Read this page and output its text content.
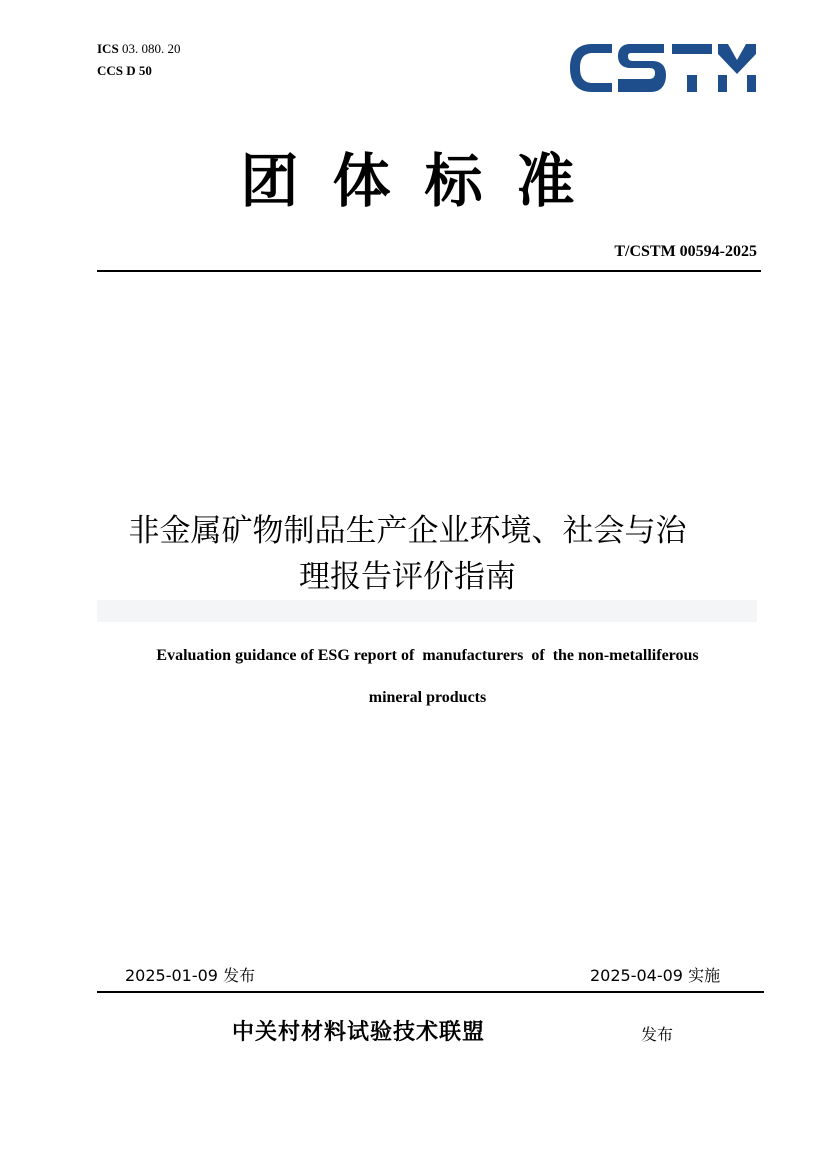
ICS 03. 080. 20
CCS D 50
团体标准
T/CSTM 00594-2025
非金属矿物制品生产企业环境、社会与治
理报告评价指南
Evaluation guidance of ESG report of  manufacturers  of  the non-metalliferous
mineral products
2025-01-09 发布	2025-04-09 实施
中关村材料试验技术联盟	发布
